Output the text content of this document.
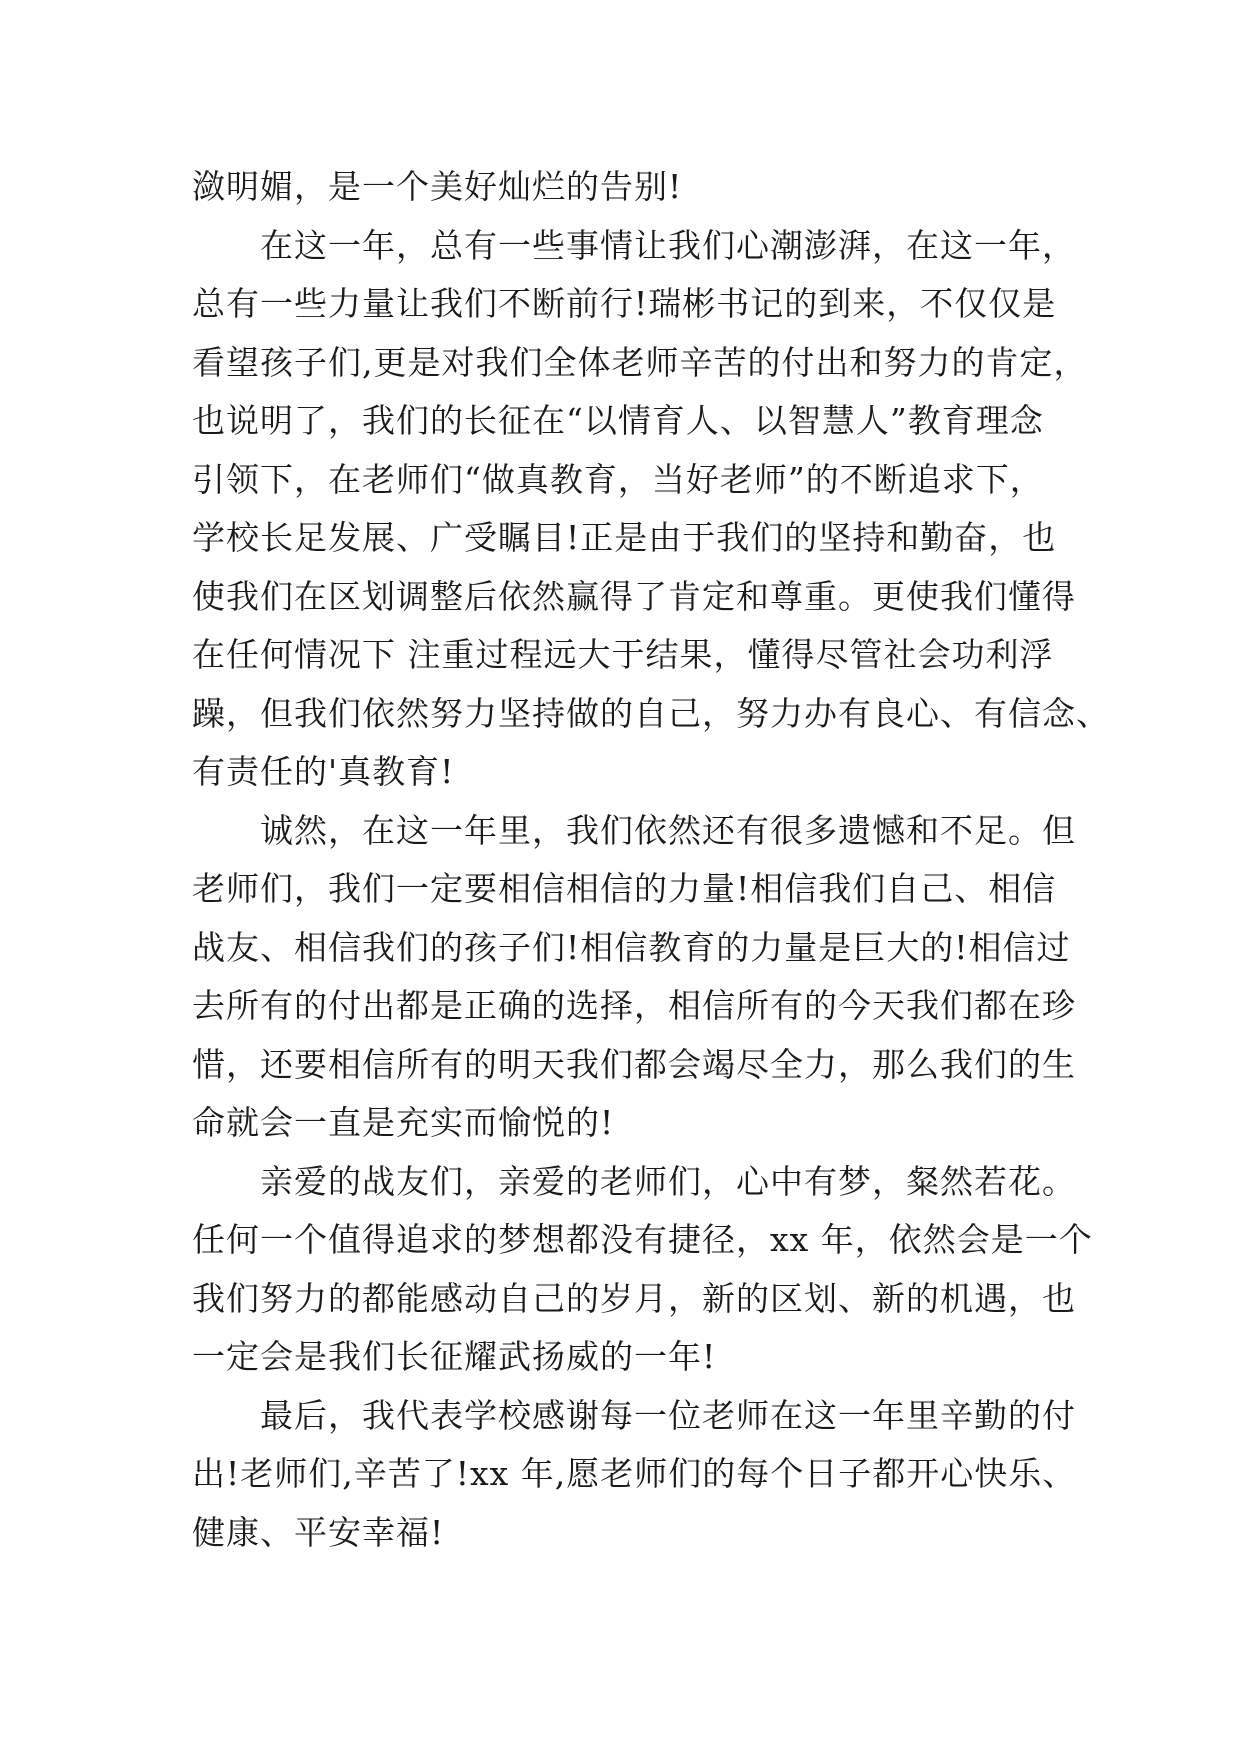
潋明媚，是一个美好灿烂的告别!
　　在这一年，总有一些事情让我们心潮澎湃，在这一年，
总有一些力量让我们不断前行!瑞彬书记的到来，不仅仅是
看望孩子们,更是对我们全体老师辛苦的付出和努力的肯定，
也说明了，我们的长征在“以情育人、以智慧人”教育理念
引领下，在老师们“做真教育，当好老师”的不断追求下，
学校长足发展、广受瞩目!正是由于我们的坚持和勤奋，也
使我们在区划调整后依然赢得了肯定和尊重。更使我们懂得
在任何情况下 注重过程远大于结果，懂得尽管社会功利浮
躁，但我们依然努力坚持做的自己，努力办有良心、有信念、
有责任的'真教育!
　　诚然，在这一年里，我们依然还有很多遗憾和不足。但
老师们，我们一定要相信相信的力量!相信我们自己、相信
战友、相信我们的孩子们!相信教育的力量是巨大的!相信过
去所有的付出都是正确的选择，相信所有的今天我们都在珍
惜，还要相信所有的明天我们都会竭尽全力，那么我们的生
命就会一直是充实而愉悦的!
　　亲爱的战友们，亲爱的老师们，心中有梦，粲然若花。
任何一个值得追求的梦想都没有捷径，xx 年，依然会是一个
我们努力的都能感动自己的岁月，新的区划、新的机遇，也
一定会是我们长征耀武扬威的一年!
　　最后，我代表学校感谢每一位老师在这一年里辛勤的付
出!老师们,辛苦了!xx 年,愿老师们的每个日子都开心快乐、
健康、平安幸福!
